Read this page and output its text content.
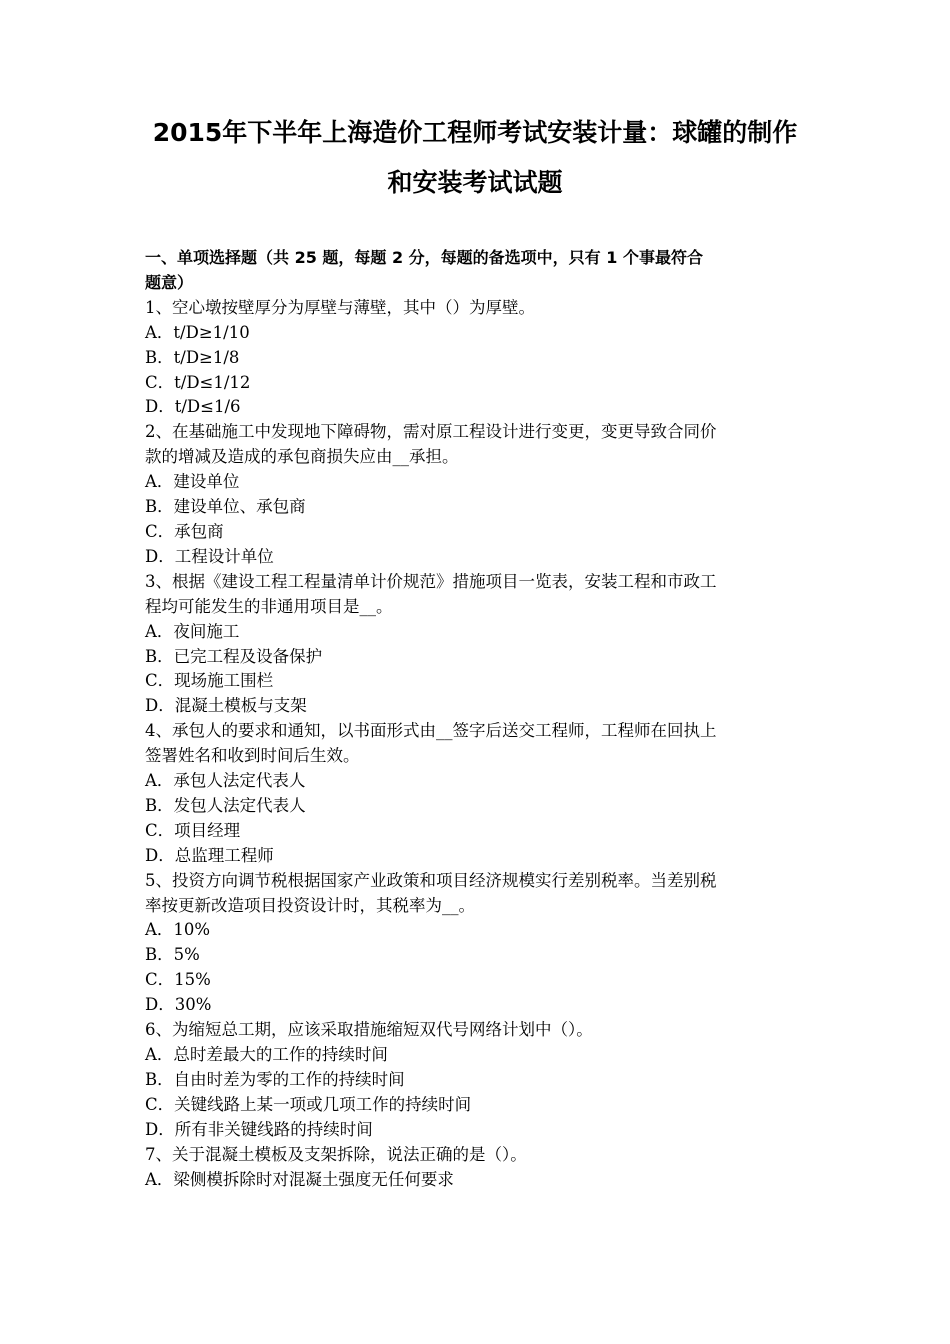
2015年下半年上海造价工程师考试安装计量：球罐的制作
和安装考试试题
一、单项选择题（共 25 题，每题 2 分，每题的备选项中，只有 1 个事最符合
题意）
1、空心墩按壁厚分为厚壁与薄壁，其中（）为厚壁。
A．t/D≥1/10
B．t/D≥1/8
C．t/D≤1/12
D．t/D≤1/6
2、在基础施工中发现地下障碍物，需对原工程设计进行变更，变更导致合同价
款的增减及造成的承包商损失应由__承担。
A．建设单位
B．建设单位、承包商
C．承包商
D．工程设计单位
3、根据《建设工程工程量清单计价规范》措施项目一览表，安装工程和市政工
程均可能发生的非通用项目是__。
A．夜间施工
B．已完工程及设备保护
C．现场施工围栏
D．混凝土模板与支架
4、承包人的要求和通知，以书面形式由__签字后送交工程师，工程师在回执上
签署姓名和收到时间后生效。
A．承包人法定代表人
B．发包人法定代表人
C．项目经理
D．总监理工程师
5、投资方向调节税根据国家产业政策和项目经济规模实行差别税率。当差别税
率按更新改造项目投资设计时，其税率为__。
A．10%
B．5%
C．15%
D．30%
6、为缩短总工期，应该采取措施缩短双代号网络计划中（）。
A．总时差最大的工作的持续时间
B．自由时差为零的工作的持续时间
C．关键线路上某一项或几项工作的持续时间
D．所有非关键线路的持续时间
7、关于混凝土模板及支架拆除，说法正确的是（）。
A．梁侧模拆除时对混凝土强度无任何要求
